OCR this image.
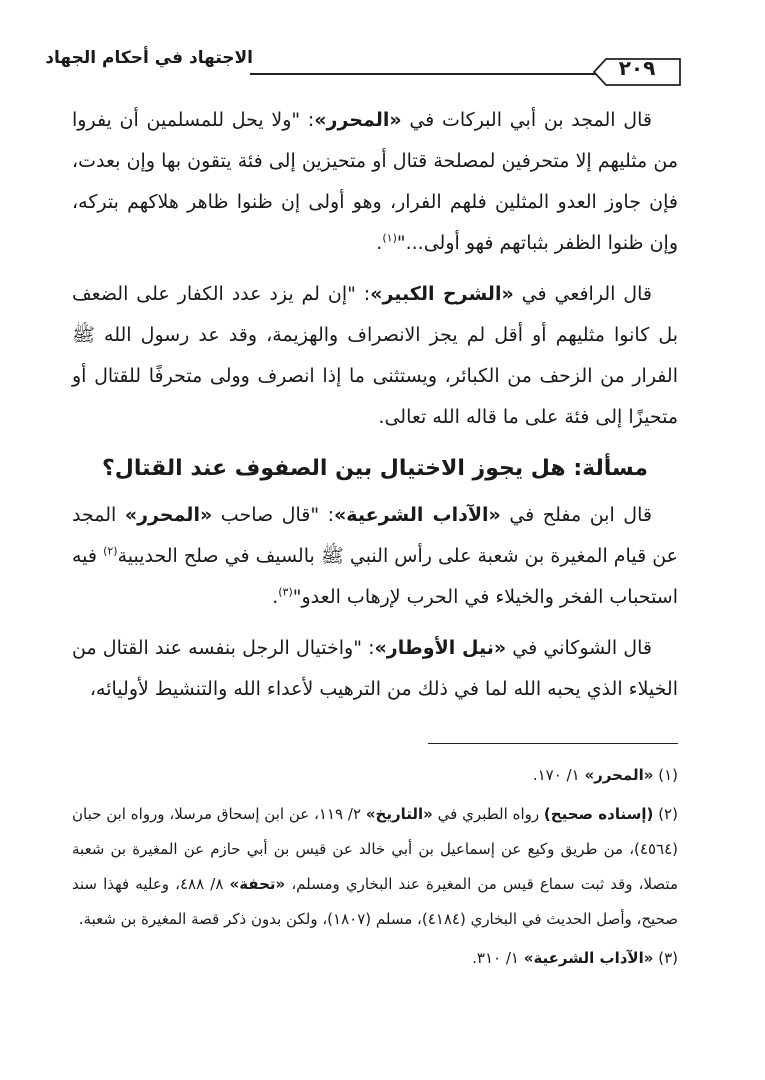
الاجتهاد في أحكام الجهاد	٢٠٩

قال المجد بن أبي البركات في «المحرر»: "ولا يحل للمسلمين أن يفروا من مثليهم إلا متحرفين لمصلحة قتال أو متحيزين إلى فئة يتقون بها وإن بعدت، فإن جاوز العدو المثلين فلهم الفرار، وهو أولى إن ظنوا ظاهر هلاكهم بتركه، وإن ظنوا الظفر بثباتهم فهو أولى..."$^{(١)}$.

قال الرافعي في «الشرح الكبير»: "إن لم يزد عدد الكفار على الضعف بل كانوا مثليهم أو أقل لم يجز الانصراف والهزيمة، وقد عد رسول الله ﷺ الفرار من الزحف من الكبائر، ويستثنى ما إذا انصرف وولى متحرفًا للقتال أو متحيزًا إلى فئة على ما قاله الله تعالى.

مسألة: هل يجوز الاختيال بين الصفوف عند القتال؟

قال ابن مفلح في «الآداب الشرعية»: "قال صاحب «المحرر» المجد عن قيام المغيرة بن شعبة على رأس النبي ﷺ بالسيف في صلح الحديبية$^{(٢)}$ فيه استحباب الفخر والخيلاء في الحرب لإرهاب العدو"$^{(٣)}$.

قال الشوكاني في «نيل الأوطار»: "واختيال الرجل بنفسه عند القتال من الخيلاء الذي يحبه الله لما في ذلك من الترهيب لأعداء الله والتنشيط لأوليائه،

(١) «المحرر» ١/ ١٧٠.

(٢) (إسناده صحيح) رواه الطبري في «التاريخ» ٢/ ١١٩، عن ابن إسحاق مرسلا، ورواه ابن حبان (٤٥٦٤)، من طريق وكيع عن إسماعيل بن أبي خالد عن قيس بن أبي حازم عن المغيرة بن شعبة متصلا، وقد ثبت سماع قيس من المغيرة عند البخاري ومسلم، «تحفة» ٨/ ٤٨٨، وعليه فهذا سند صحيح، وأصل الحديث في البخاري (٤١٨٤)، مسلم (١٨٠٧)، ولكن بدون ذكر قصة المغيرة بن شعبة.

(٣) «الآداب الشرعية» ١/ ٣١٠.
